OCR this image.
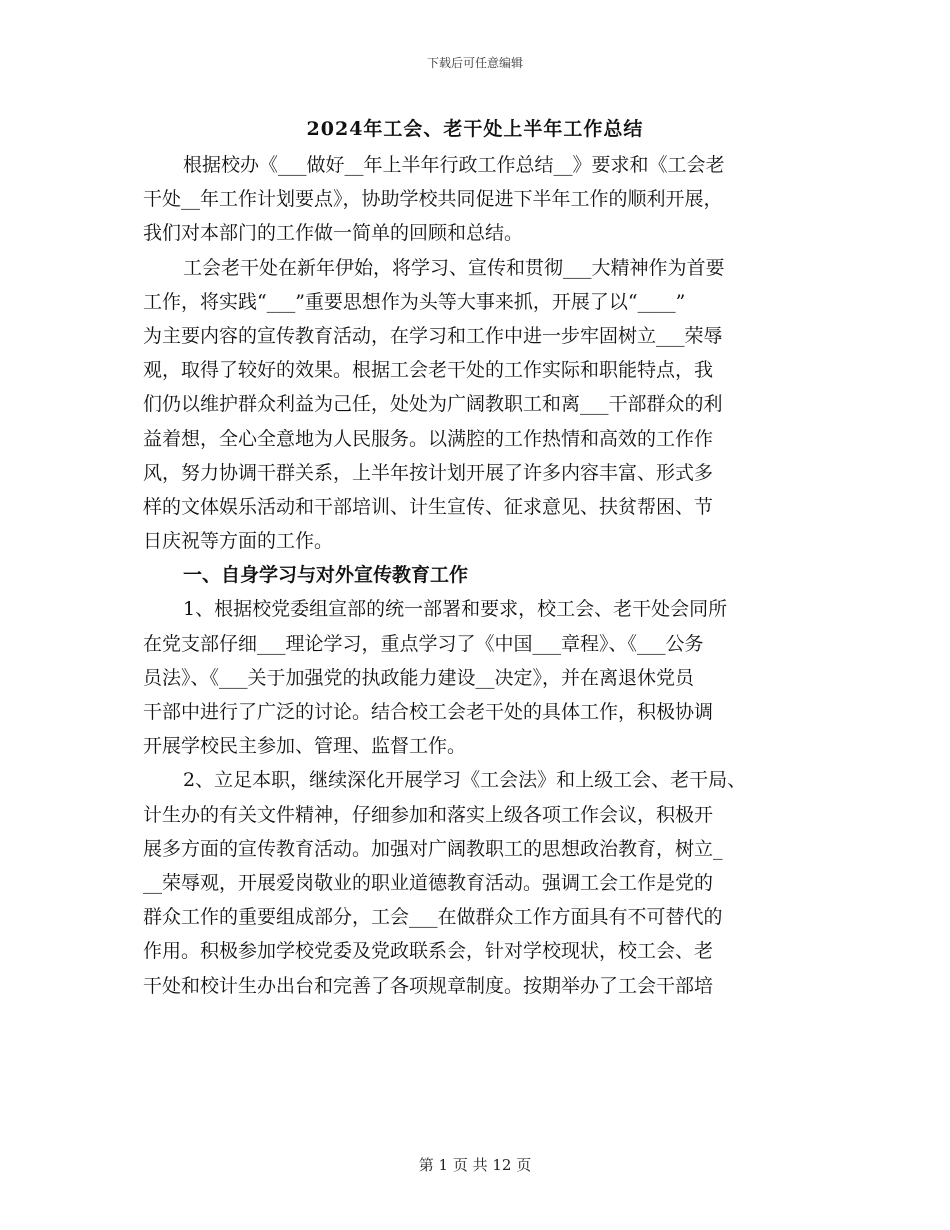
下载后可任意编辑
2024年工会、老干处上半年工作总结
根据校办《___做好__年上半年行政工作总结__》要求和《工会老
干处__年工作计划要点》，协助学校共同促进下半年工作的顺利开展，
我们对本部门的工作做一简单的回顾和总结。
工会老干处在新年伊始，将学习、宣传和贯彻___大精神作为首要
工作，将实践“___”重要思想作为头等大事来抓，开展了以“____”
为主要内容的宣传教育活动，在学习和工作中进一步牢固树立___荣辱
观，取得了较好的效果。根据工会老干处的工作实际和职能特点，我
们仍以维护群众利益为己任，处处为广阔教职工和离___干部群众的利
益着想，全心全意地为人民服务。以满腔的工作热情和高效的工作作
风，努力协调干群关系，上半年按计划开展了许多内容丰富、形式多
样的文体娱乐活动和干部培训、计生宣传、征求意见、扶贫帮困、节
日庆祝等方面的工作。
一、自身学习与对外宣传教育工作
1、根据校党委组宣部的统一部署和要求，校工会、老干处会同所
在党支部仔细___理论学习，重点学习了《中国___章程》、《___公务
员法》、《___关于加强党的执政能力建设__决定》，并在离退休党员
干部中进行了广泛的讨论。结合校工会老干处的具体工作，积极协调
开展学校民主参加、管理、监督工作。
2、立足本职，继续深化开展学习《工会法》和上级工会、老干局、
计生办的有关文件精神，仔细参加和落实上级各项工作会议，积极开
展多方面的宣传教育活动。加强对广阔教职工的思想政治教育，树立_
__荣辱观，开展爱岗敬业的职业道德教育活动。强调工会工作是党的
群众工作的重要组成部分，工会___在做群众工作方面具有不可替代的
作用。积极参加学校党委及党政联系会，针对学校现状，校工会、老
干处和校计生办出台和完善了各项规章制度。按期举办了工会干部培
第 1 页 共 12 页
